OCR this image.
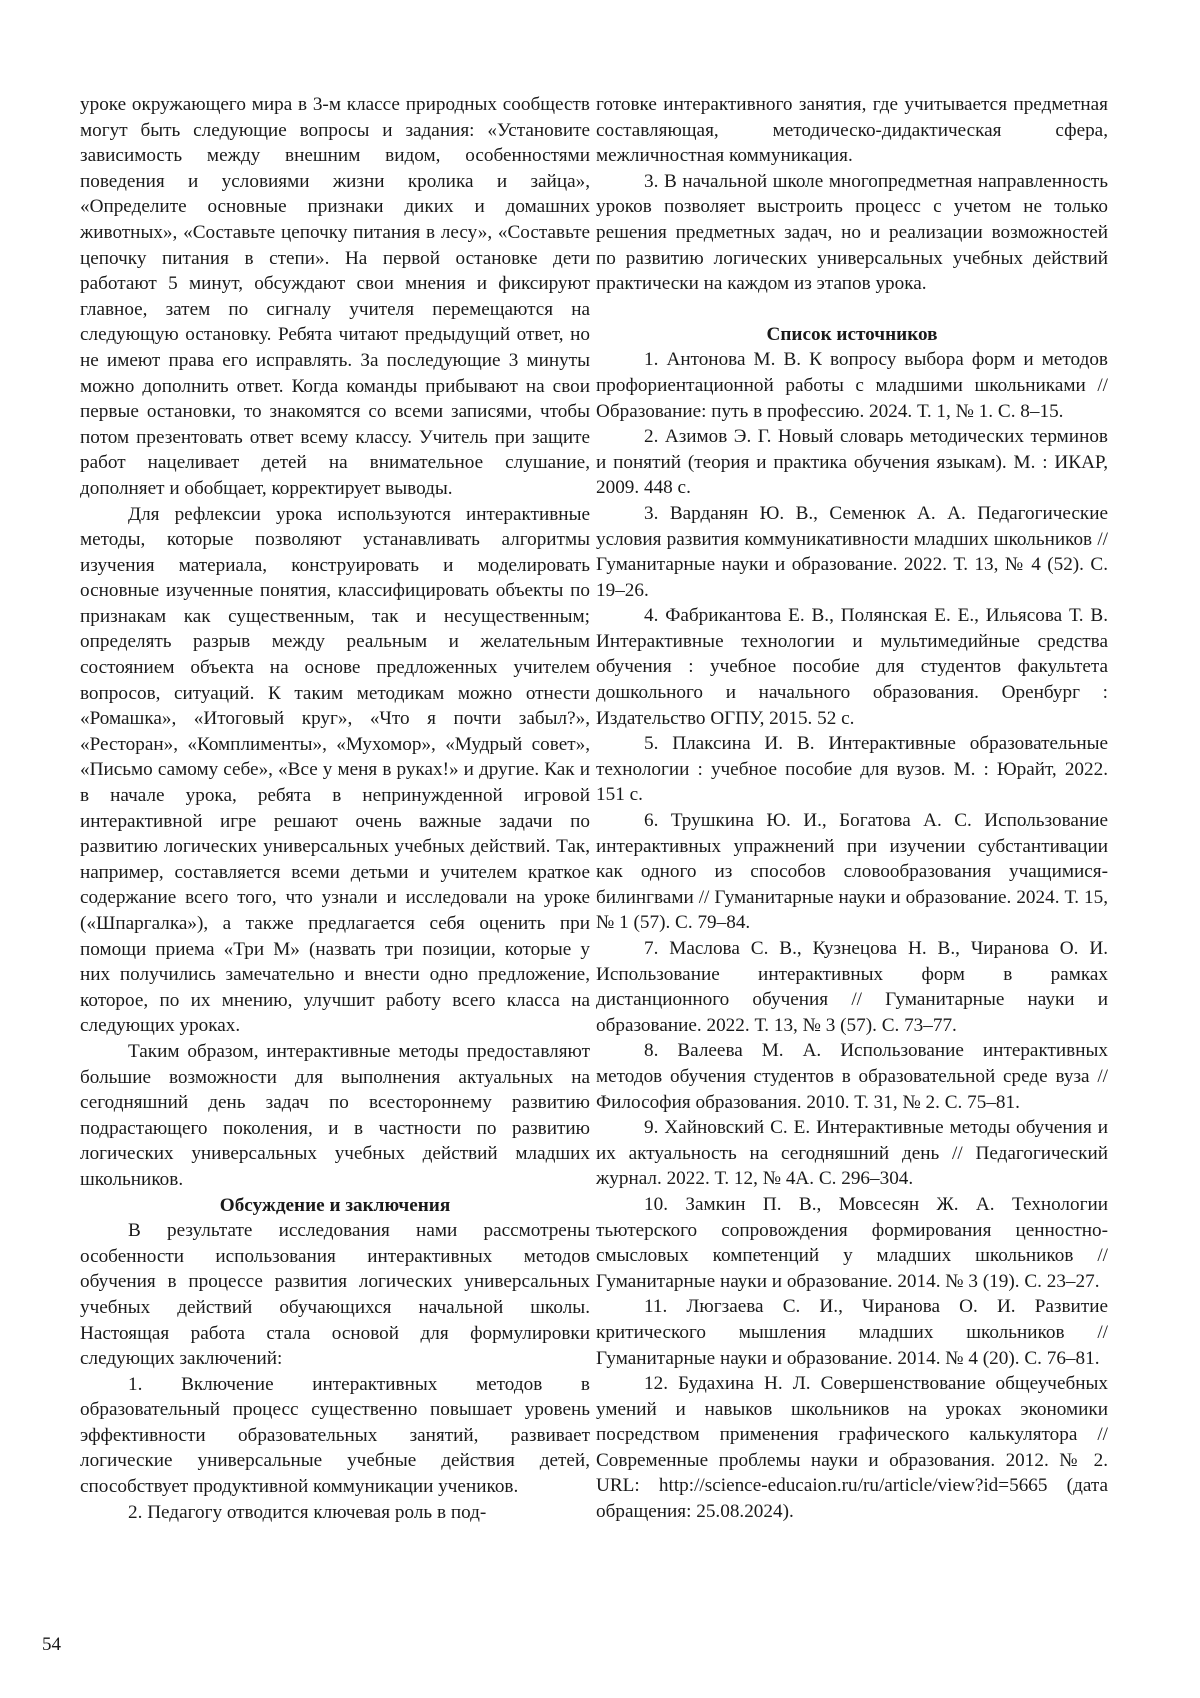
уроке окружающего мира в 3-м классе природных сообществ могут быть следующие вопросы и задания: «Установите зависимость между внешним видом, особенностями поведения и условиями жизни кролика и зайца», «Определите основные признаки диких и домашних животных», «Составьте цепочку питания в лесу», «Составьте цепочку питания в степи». На первой остановке дети работают 5 минут, обсуждают свои мнения и фиксируют главное, затем по сигналу учителя перемещаются на следующую остановку. Ребята читают предыдущий ответ, но не имеют права его исправлять. За последующие 3 минуты можно дополнить ответ. Когда команды прибывают на свои первые остановки, то знакомятся со всеми записями, чтобы потом презентовать ответ всему классу. Учитель при защите работ нацеливает детей на внимательное слушание, дополняет и обобщает, корректирует выводы.

Для рефлексии урока используются интерактивные методы, которые позволяют устанавливать алгоритмы изучения материала, конструировать и моделировать основные изученные понятия, классифицировать объекты по признакам как существенным, так и несущественным; определять разрыв между реальным и желательным состоянием объекта на основе предложенных учителем вопросов, ситуаций. К таким методикам можно отнести «Ромашка», «Итоговый круг», «Что я почти забыл?», «Ресторан», «Комплименты», «Мухомор», «Мудрый совет», «Письмо самому себе», «Все у меня в руках!» и другие. Как и в начале урока, ребята в непринужденной игровой интерактивной игре решают очень важные задачи по развитию логических универсальных учебных действий. Так, например, составляется всеми детьми и учителем краткое содержание всего того, что узнали и исследовали на уроке («Шпаргалка»), а также предлагается себя оценить при помощи приема «Три М» (назвать три позиции, которые у них получились замечательно и внести одно предложение, которое, по их мнению, улучшит работу всего класса на следующих уроках.

Таким образом, интерактивные методы предоставляют большие возможности для выполнения актуальных на сегодняшний день задач по всестороннему развитию подрастающего поколения, и в частности по развитию логических универсальных учебных действий младших школьников.

Обсуждение и заключения

В результате исследования нами рассмотрены особенности использования интерактивных методов обучения в процессе развития логических универсальных учебных действий обучающихся начальной школы. Настоящая работа стала основой для формулировки следующих заключений:

1. Включение интерактивных методов в образовательный процесс существенно повышает уровень эффективности образовательных занятий, развивает логические универсальные учебные действия детей, способствует продуктивной коммуникации учеников.

2. Педагогу отводится ключевая роль в под-

готовке интерактивного занятия, где учитывается предметная составляющая, методическо-дидактическая сфера, межличностная коммуникация.

3. В начальной школе многопредметная направленность уроков позволяет выстроить процесс с учетом не только решения предметных задач, но и реализации возможностей по развитию логических универсальных учебных действий практически на каждом из этапов урока.

Список источников
1. Антонова М. В. К вопросу выбора форм и методов профориентационной работы с младшими школьниками // Образование: путь в профессию. 2024. Т. 1, № 1. С. 8–15.
2. Азимов Э. Г. Новый словарь методических терминов и понятий (теория и практика обучения языкам). М. : ИКАР, 2009. 448 с.
3. Варданян Ю. В., Семенюк А. А. Педагогические условия развития коммуникативности младших школьников // Гуманитарные науки и образование. 2022. Т. 13, № 4 (52). С. 19–26.
4. Фабрикантова Е. В., Полянская Е. Е., Ильясова Т. В. Интерактивные технологии и мультимедийные средства обучения : учебное пособие для студентов факультета дошкольного и начального образования. Оренбург : Издательство ОГПУ, 2015. 52 с.
5. Плаксина И. В. Интерактивные образовательные технологии : учебное пособие для вузов. М. : Юрайт, 2022. 151 с.
6. Трушкина Ю. И., Богатова А. С. Использование интерактивных упражнений при изучении субстантивации как одного из способов словообразования учащимися-билингвами // Гуманитарные науки и образование. 2024. Т. 15, № 1 (57). С. 79–84.
7. Маслова С. В., Кузнецова Н. В., Чиранова О. И. Использование интерактивных форм в рамках дистанционного обучения // Гуманитарные науки и образование. 2022. Т. 13, № 3 (57). С. 73–77.
8. Валеева М. А. Использование интерактивных методов обучения студентов в образовательной среде вуза // Философия образования. 2010. Т. 31, № 2. С. 75–81.
9. Хайновский С. Е. Интерактивные методы обучения и их актуальность на сегодняшний день // Педагогический журнал. 2022. Т. 12, № 4А. С. 296–304.
10. Замкин П. В., Мовсесян Ж. А. Технологии тьютерского сопровождения формирования ценностно-смысловых компетенций у младших школьников // Гуманитарные науки и образование. 2014. № 3 (19). С. 23–27.
11. Люгзаева С. И., Чиранова О. И. Развитие критического мышления младших школьников // Гуманитарные науки и образование. 2014. № 4 (20). С. 76–81.
12. Будахина Н. Л. Совершенствование общеучебных умений и навыков школьников на уроках экономики посредством применения графического калькулятора // Современные проблемы науки и образования. 2012. № 2. URL: http://science-educaion.ru/ru/article/view?id=5665 (дата обращения: 25.08.2024).
54
